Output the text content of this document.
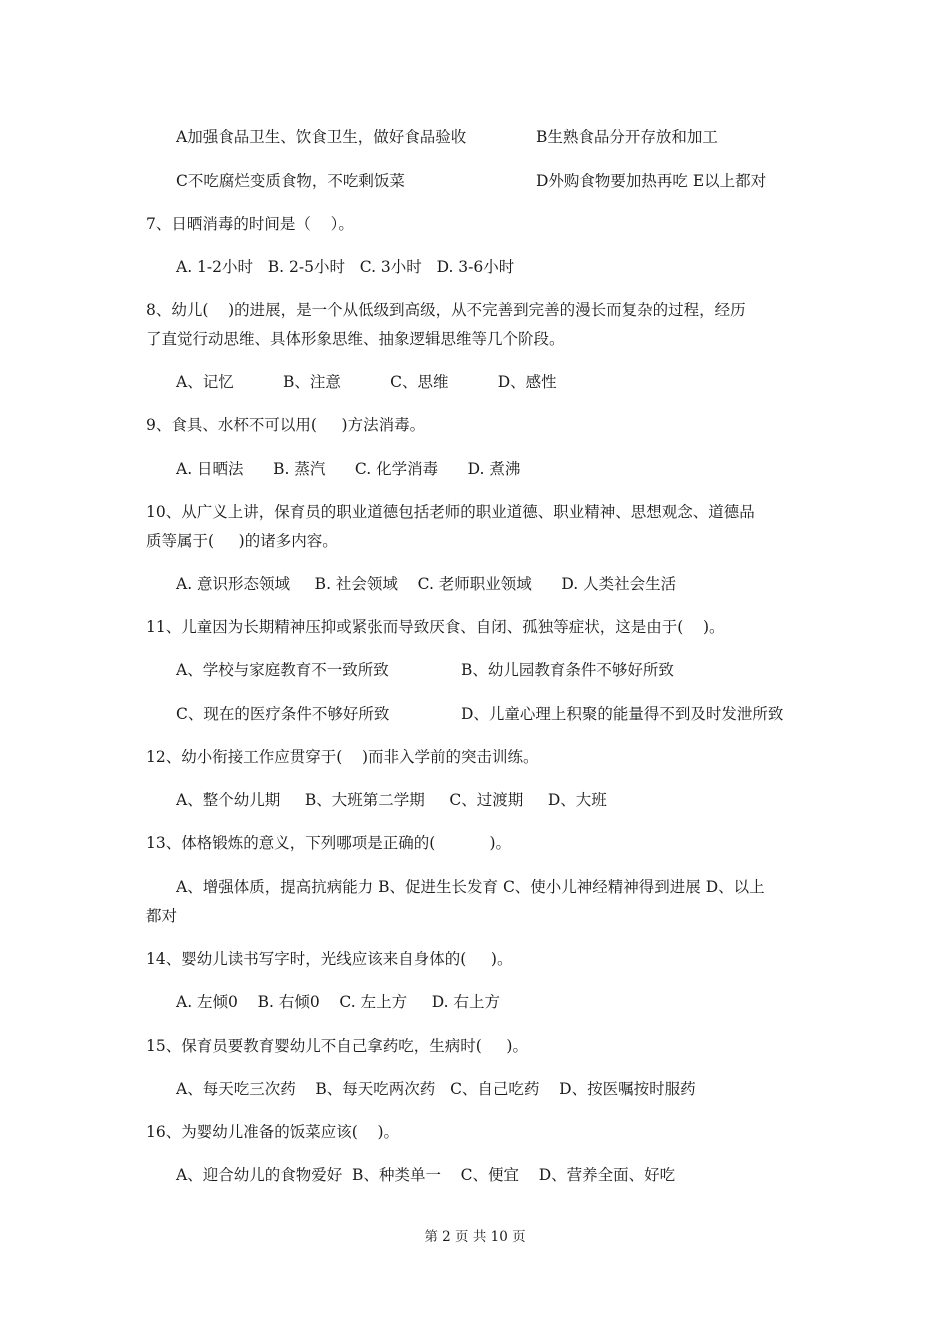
A加强食品卫生、饮食卫生，做好食品验收	B生熟食品分开存放和加工
C不吃腐烂变质食物，不吃剩饭菜	D外购食物要加热再吃 E以上都对
7、日晒消毒的时间是（    ）。
A. 1-2小时   B. 2-5小时   C. 3小时   D. 3-6小时
8、幼儿(    )的进展，是一个从低级到高级，从不完善到完善的漫长而复杂的过程，经历
了直觉行动思维、具体形象思维、抽象逻辑思维等几个阶段。
A、记忆          B、注意          C、思维          D、感性
9、食具、水杯不可以用(     )方法消毒。
A. 日晒法      B. 蒸汽      C. 化学消毒      D. 煮沸
10、从广义上讲，保育员的职业道德包括老师的职业道德、职业精神、思想观念、道德品
质等属于(     )的诸多内容。
A. 意识形态领域     B. 社会领域    C. 老师职业领域      D. 人类社会生活
11、儿童因为长期精神压抑或紧张而导致厌食、自闭、孤独等症状，这是由于(    )。
A、学校与家庭教育不一致所致	B、幼儿园教育条件不够好所致
C、现在的医疗条件不够好所致	D、儿童心理上积聚的能量得不到及时发泄所致
12、幼小衔接工作应贯穿于(    )而非入学前的突击训练。
A、整个幼儿期     B、大班第二学期     C、过渡期     D、大班
13、体格锻炼的意义，下列哪项是正确的(           )。
A、增强体质，提高抗病能力 B、促进生长发育 C、使小儿神经精神得到进展 D、以上
都对
14、婴幼儿读书写字时，光线应该来自身体的(     )。
A. 左倾0    B. 右倾0    C. 左上方     D. 右上方
15、保育员要教育婴幼儿不自己拿药吃，生病时(     )。
A、每天吃三次药    B、每天吃两次药   C、自己吃药    D、按医嘱按时服药
16、为婴幼儿准备的饭菜应该(    )。
A、迎合幼儿的食物爱好  B、种类单一    C、便宜    D、营养全面、好吃
第 2 页 共 10 页
